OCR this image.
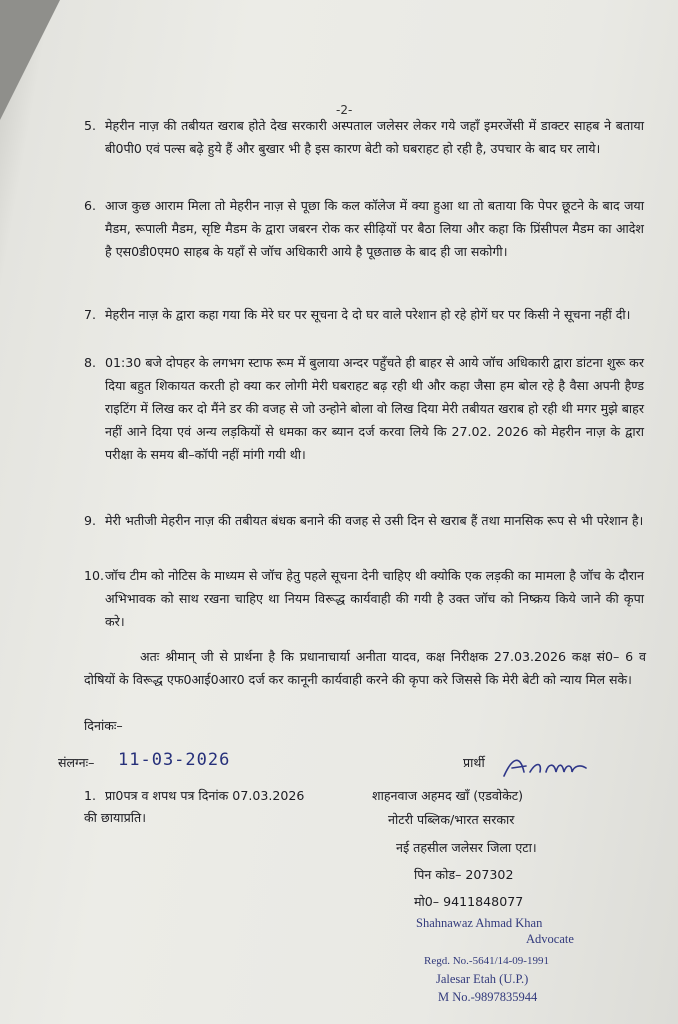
-2-
5. मेहरीन नाज़ की तबीयत खराब होते देख सरकारी अस्पताल जलेसर लेकर गये जहाँ इमरजेंसी में डाक्टर साहब ने बताया बी0पी0 एवं पल्स बढ़े हुये हैं और बुखार भी है इस कारण बेटी को घबराहट हो रही है, उपचार के बाद घर लाये।
6. आज कुछ आराम मिला तो मेहरीन नाज़ से पूछा कि कल कॉलेज में क्या हुआ था तो बताया कि पेपर छूटने के बाद जया मैडम, रूपाली मैडम, सृष्टि मैडम के द्वारा जबरन रोक कर सीढ़ियों पर बैठा लिया और कहा कि प्रिंसीपल मैडम का आदेश है एस0डी0एम0 साहब के यहाँ से जॉच अधिकारी आये है पूछताछ के बाद ही जा सकोगी।
7. मेहरीन नाज़ के द्वारा कहा गया कि मेरे घर पर सूचना दे दो घर वाले परेशान हो रहे होगें घर पर किसी ने सूचना नहीं दी।
8. 01:30 बजे दोपहर के लगभग स्टाफ रूम में बुलाया अन्दर पहुँचते ही बाहर से आये जॉच अधिकारी द्वारा डांटना शुरू कर दिया बहुत शिकायत करती हो क्या कर लोगी मेरी घबराहट बढ़ रही थी और कहा जैसा हम बोल रहे है वैसा अपनी हैण्ड राइटिंग में लिख कर दो मैंने डर की वजह से जो उन्होने बोला वो लिख दिया मेरी तबीयत खराब हो रही थी मगर मुझे बाहर नहीं आने दिया एवं अन्य लड़कियों से धमका कर ब्यान दर्ज करवा लिये कि 27.02. 2026 को मेहरीन नाज़ के द्वारा परीक्षा के समय बी–कॉपी नहीं मांगी गयी थी।
9. मेरी भतीजी मेहरीन नाज़ की तबीयत बंधक बनाने की वजह से उसी दिन से खराब हैं तथा मानसिक रूप से भी परेशान है।
10. जॉच टीम को नोटिस के माध्यम से जॉच हेतु पहले सूचना देनी चाहिए थी क्योकि एक लड़की का मामला है जॉच के दौरान अभिभावक को साथ रखना चाहिए था नियम विरूद्ध कार्यवाही की गयी है उक्त जॉच को निष्क्रय किये जाने की कृपा करे।
अतः श्रीमान् जी से प्रार्थना है कि प्रधानाचार्या अनीता यादव, कक्ष निरीक्षक 27.03.2026 कक्ष सं0– 6 व दोषियों के विरूद्ध एफ0आई0आर0 दर्ज कर कानूनी कार्यवाही करने की कृपा करे जिससे कि मेरी बेटी को न्याय मिल सके।
दिनांकः–
संलग्नः– 11-03-2026
1. प्रा0पत्र व शपथ पत्र दिनांक 07.03.2026
की छायाप्रति।
प्रार्थी
शाहनवाज अहमद खाँ (एडवोकेट)
नोटरी पब्लिक/भारत सरकार
नई तहसील जलेसर जिला एटा।
पिन कोड– 207302
मो0– 9411848077
Shahnawaz Ahmad Khan
Advocate
Regd. No.-5641/14-09-1991
Jalesar Etah (U.P.)
M No.-9897835944
